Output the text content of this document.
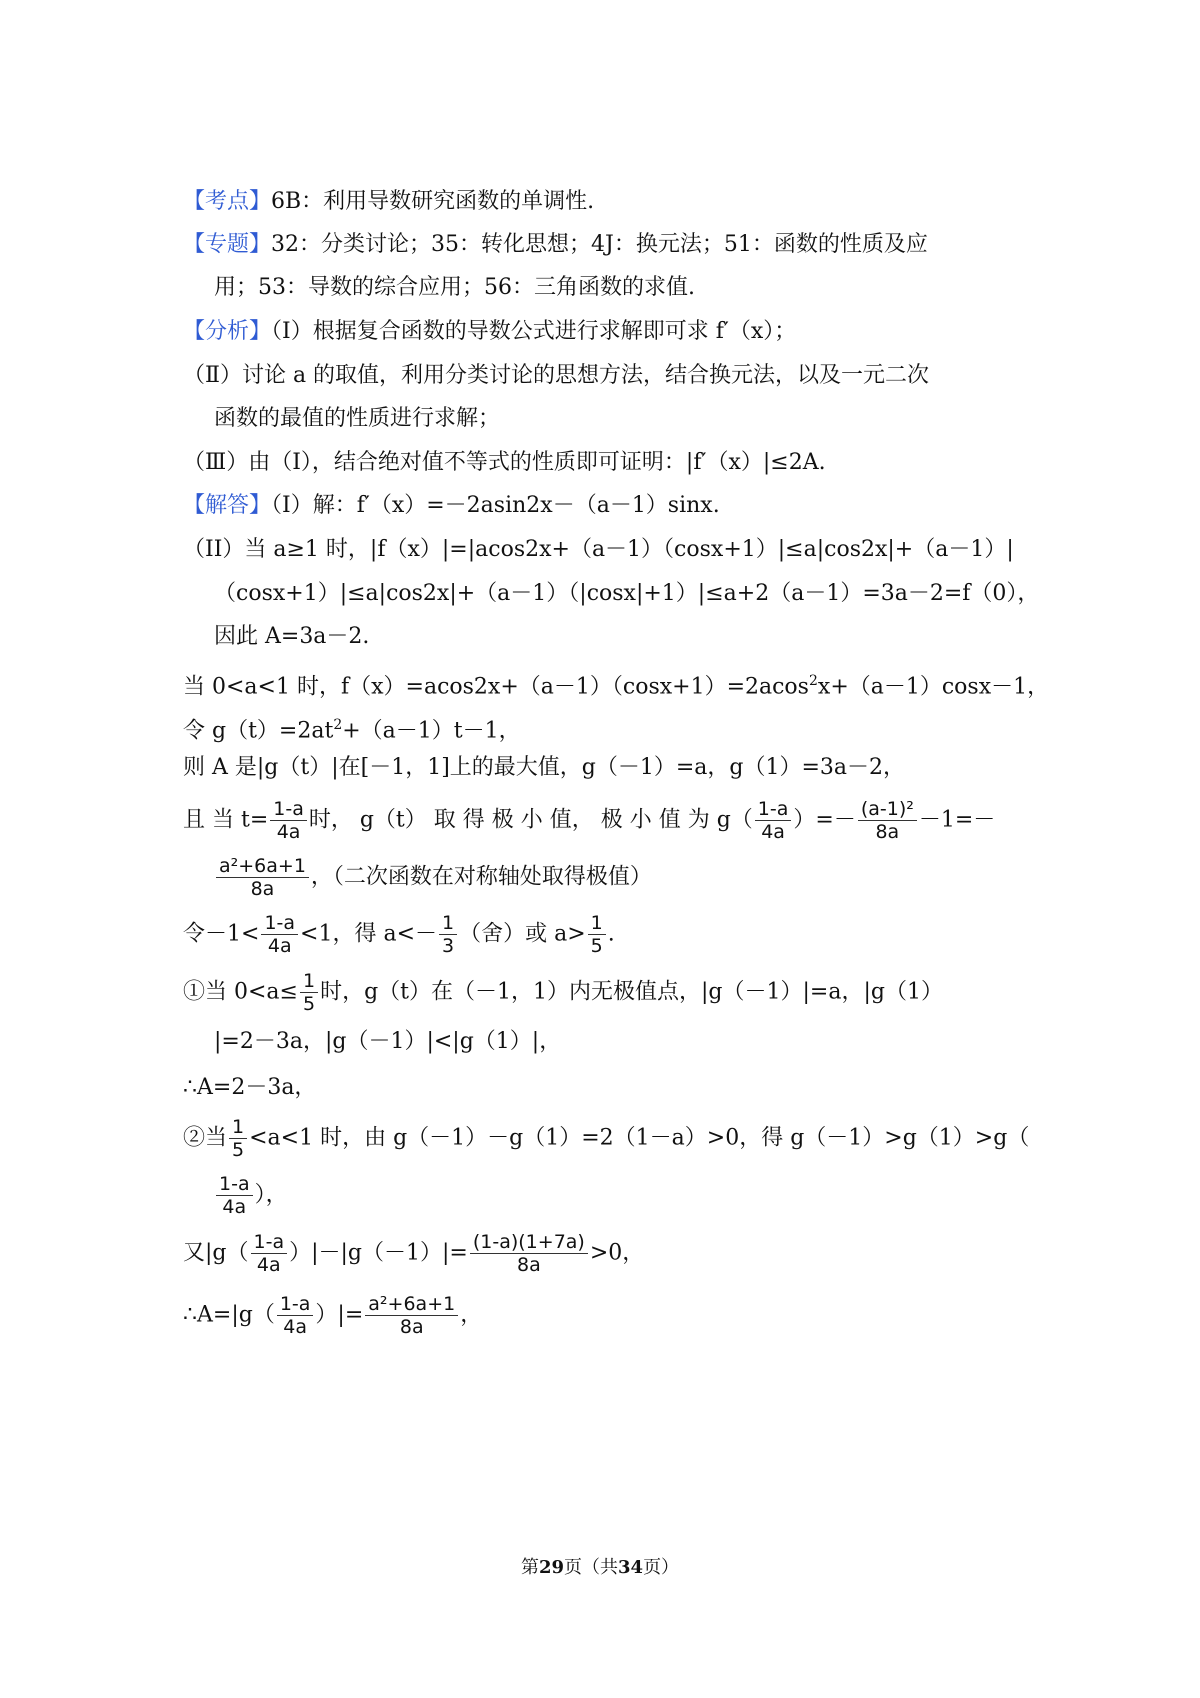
【考点】6B：利用导数研究函数的单调性.
【专题】32：分类讨论；35：转化思想；4J：换元法；51：函数的性质及应
用；53：导数的综合应用；56：三角函数的求值.
【分析】（Ⅰ）根据复合函数的导数公式进行求解即可求 f′（x）；
（Ⅱ）讨论 a 的取值，利用分类讨论的思想方法，结合换元法，以及一元二次
函数的最值的性质进行求解；
（Ⅲ）由（I），结合绝对值不等式的性质即可证明：|f′（x）|≤2A.
【解答】（I）解：f′（x）=－2asin2x－（a－1）sinx.
（II）当 a≥1 时，|f（x）|=|acos2x+（a－1）（cosx+1）|≤a|cos2x|+（a－1）|
（cosx+1）|≤a|cos2x|+（a－1）（|cosx|+1）|≤a+2（a－1）=3a－2=f（0），
因此 A=3a－2.
当 0<a<1 时，f（x）=acos2x+（a－1）（cosx+1）=2acos$^2$x+（a－1）cosx－1，
令 $g(t)=2at^2+(a-1)t-1$，
则 A 是|g（t）|在[－1，1]上的最大值，g（－1）=a，g（1）=3a－2，
且 当 $t= \frac{1-a}{4a}$ 时， g（t） 取 得 极 小 值， 极 小 值 为 $g( \frac{1-a}{4a}$ ）=－ $\frac{\text{(a-1)²}}{8a} -1=-$
$\frac{\text{a²+6a+1}}{8a}$ ，（二次函数在对称轴处取得极值）
令$-1< \frac{1-a}{4a} <1$，得 $a<- \frac{1}{3}$ （舍）或 $a> \frac{1}{5}$ .
①当 $0<a\le \frac{1}{5}$ 时，g（t）在（－1，1）内无极值点，|g（－1）|=a，|g（1）
|=2－3a，|g（－1）|<|g（1）|，
∴A=2－3a，
②当 $\frac{1}{5} <a<1$ 时，由 g（－1）－g（1）=2（1－a）>0，得 g（－1）>g（1）>g（
$\frac{1-a}{4a}$ ），
又$|g( \frac{1-a}{4a} )|-|g(-1)|= \frac{(1-a)(1+7a)}{8a} >0$，
∴A=|g（ $\frac{1-a}{4a}$ ）|= $\frac{\text{a²+6a+1}}{8a}$ ，
第29页（共34页）
